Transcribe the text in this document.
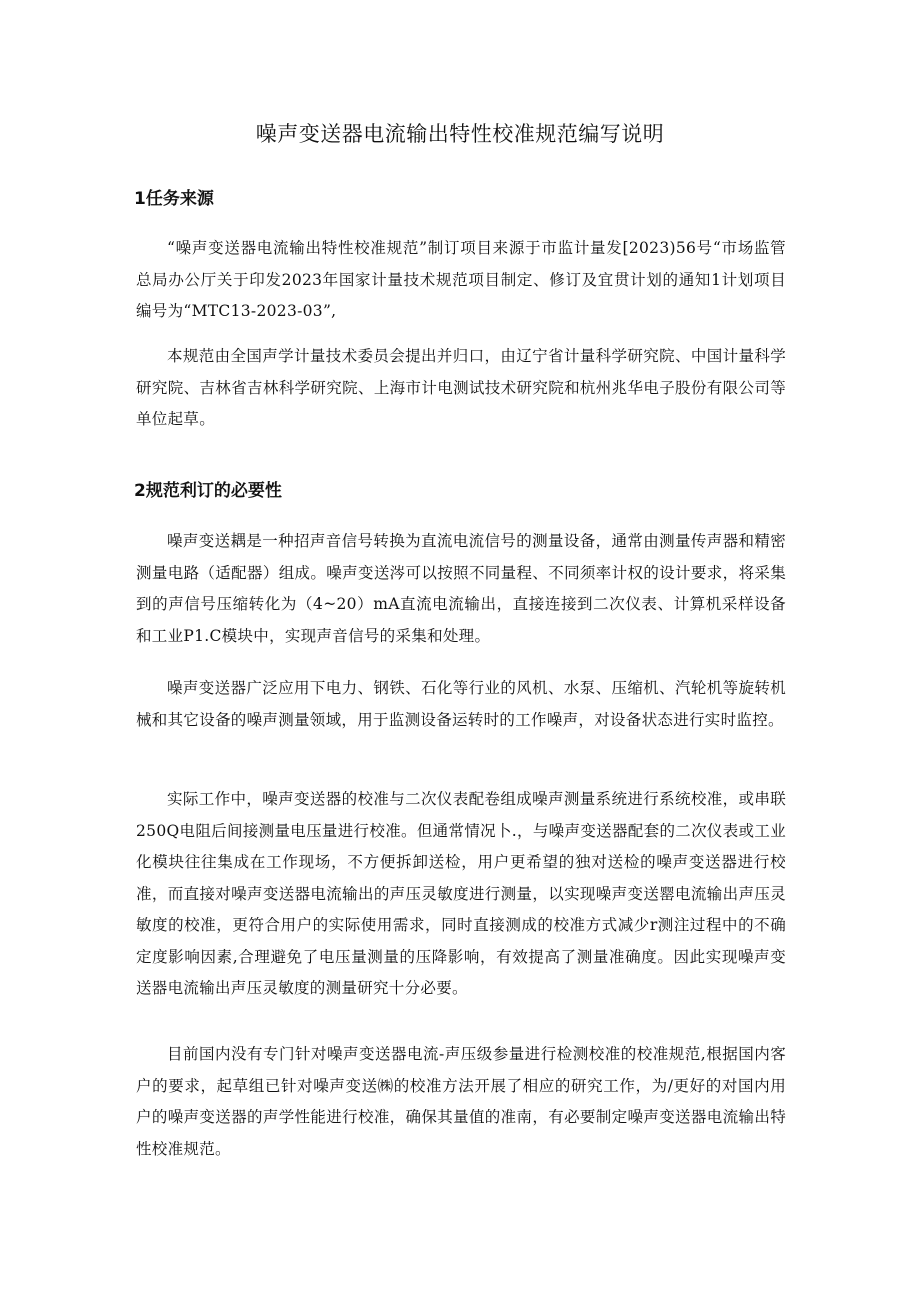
噪声变送器电流输出特性校准规范编写说明
1任务来源

“噪声变送器电流输出特性校准规范”制订项目来源于市监计量发[2023)56号“市场监管总局办公厅关于印发2023年国家计量技术规范项目制定、修订及宜贯计划的通知1计划项目编号为“MTC13-2023-03”,

本规范由全国声学计量技术委员会提出并归口，由辽宁省计量科学研究院、中国计量科学研究院、吉林省吉林科学研究院、上海市计电测试技术研究院和杭州兆华电子股份有限公司等单位起草。

2规范利订的必要性

噪声变送耦是一种招声音信号转换为直流电流信号的测量设备，通常由测量传声器和精密测量电路（适配器）组成。噪声变送涔可以按照不同量程、不同须率计权的设计要求，将采集到的声信号压缩转化为（4~20）mA直流电流输出，直接连接到二次仪表、计算机采样设备和工业P1.C模块中，实现声音信号的采集和处理。

噪声变送器广泛应用下电力、钢铁、石化等行业的风机、水泵、压缩机、汽轮机等旋转机械和其它设备的噪声测量领域，用于监测设备运转时的工作噪声，对设备状态进行实时监控。

实际工作中，噪声变送器的校准与二次仪表配卷组成噪声测量系统进行系统校准，或串联250Q电阻后间接测量电压量进行校准。但通常情况卜.，与噪声变送器配套的二次仪表或工业化模块往往集成在工作现场，不方便拆卸送检，用户更希望的独对送检的噪声变送器进行校准，而直接对噪声变送器电流输出的声压灵敏度进行测量，以实现噪声变送罂电流输出声压灵敏度的校准，更符合用户的实际使用需求，同时直接测成的校准方式减少r测注过程中的不确定度影响因素,合理避免了电压量测量的压降影响，有效提高了测量准确度。因此实现噪声变送器电流输出声压灵敏度的测量研究十分必要。

目前国内没有专门针对噪声变送器电流-声压级参量进行检测校准的校准规范,根据国内客户的要求，起草组已针对噪声变送㈱的校准方法开展了相应的研究工作，为/更好的对国内用户的噪声变送器的声学性能进行校准，确保其量值的准南，有必要制定噪声变送器电流输出特性校准规范。
